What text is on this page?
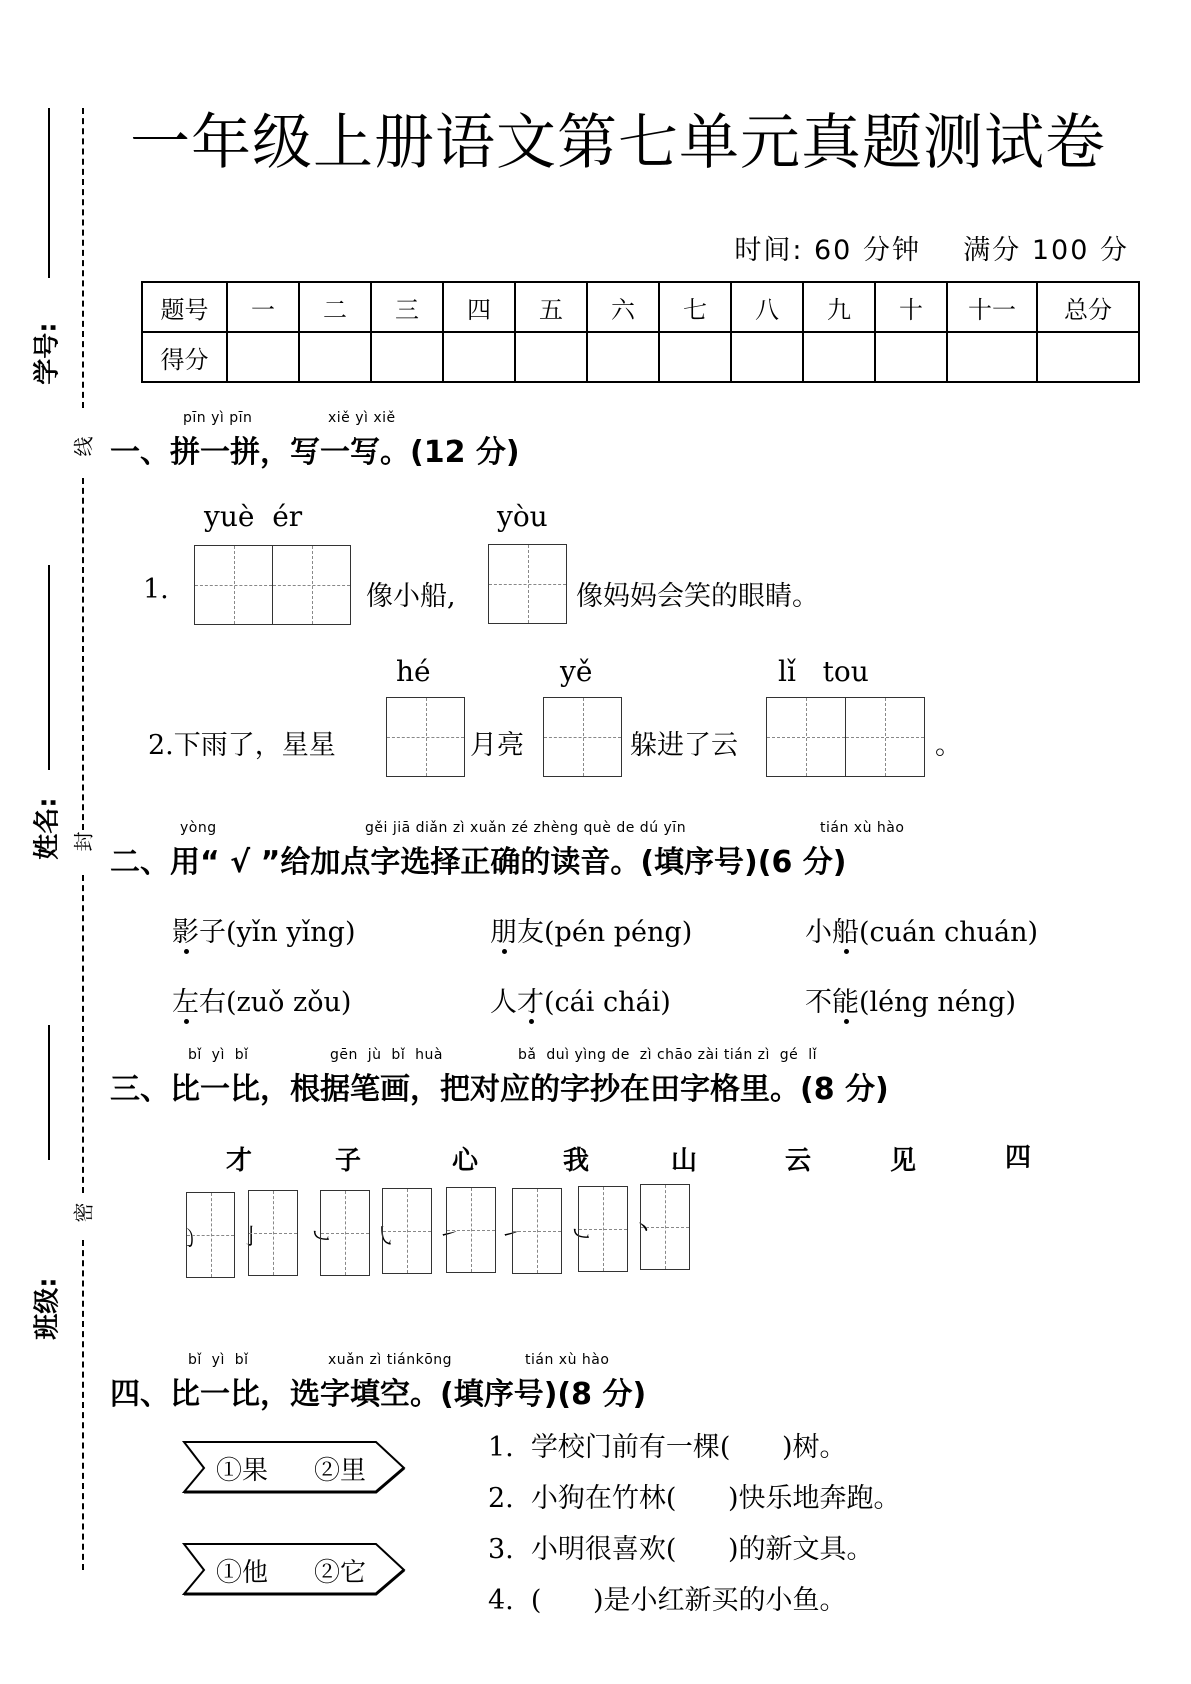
学号:
姓名:
班级:
线
封
密
一年级上册语文第七单元真题测试卷
时间: 60 分钟 满分 100 分
题号	一	二	三	四	五	六	七	八	九	十	十一	总分
得分												
pīn yì pīn	xiě yì xiě
一、拼一拼，写一写。(12 分)
yuè  ér	yòu
1.	像小船,	像妈妈会笑的眼睛。
hé	yě	lǐ   tou
2.下雨了，星星	月亮	躲进了云	。
yòng	gěi jiā diǎn zì xuǎn zé zhèng què de dú yīn	tián xù hào
二、用“ √ ”给加点字选择正确的读音。(填序号)(6 分)
影子(yǐn yǐng)	朋友(pén péng)	小船(cuán chuán)
左右(zuǒ zǒu)	人才(cái chái)	不能(léng néng)
bǐ  yì  bǐ	gēn  jù  bǐ  huà	bǎ  duì yìng de  zì chāo zài tián zì  gé  lǐ
三、比一比，根据笔画，把对应的字抄在田字格里。(8 分)
才	子	心	我	山	云	见	四
㇁ 亅 ㇃ ㇂ ㇀ ㇀ ㇃ 丶
bǐ  yì  bǐ	xuǎn zì tiánkōng	tián xù hào
四、比一比，选字填空。(填序号)(8 分)
①果 ②里
①他 ②它
1.  学校门前有一棵(      )树。
2.  小狗在竹林(      )快乐地奔跑。
3.  小明很喜欢(      )的新文具。
4.  (      )是小红新买的小鱼。
